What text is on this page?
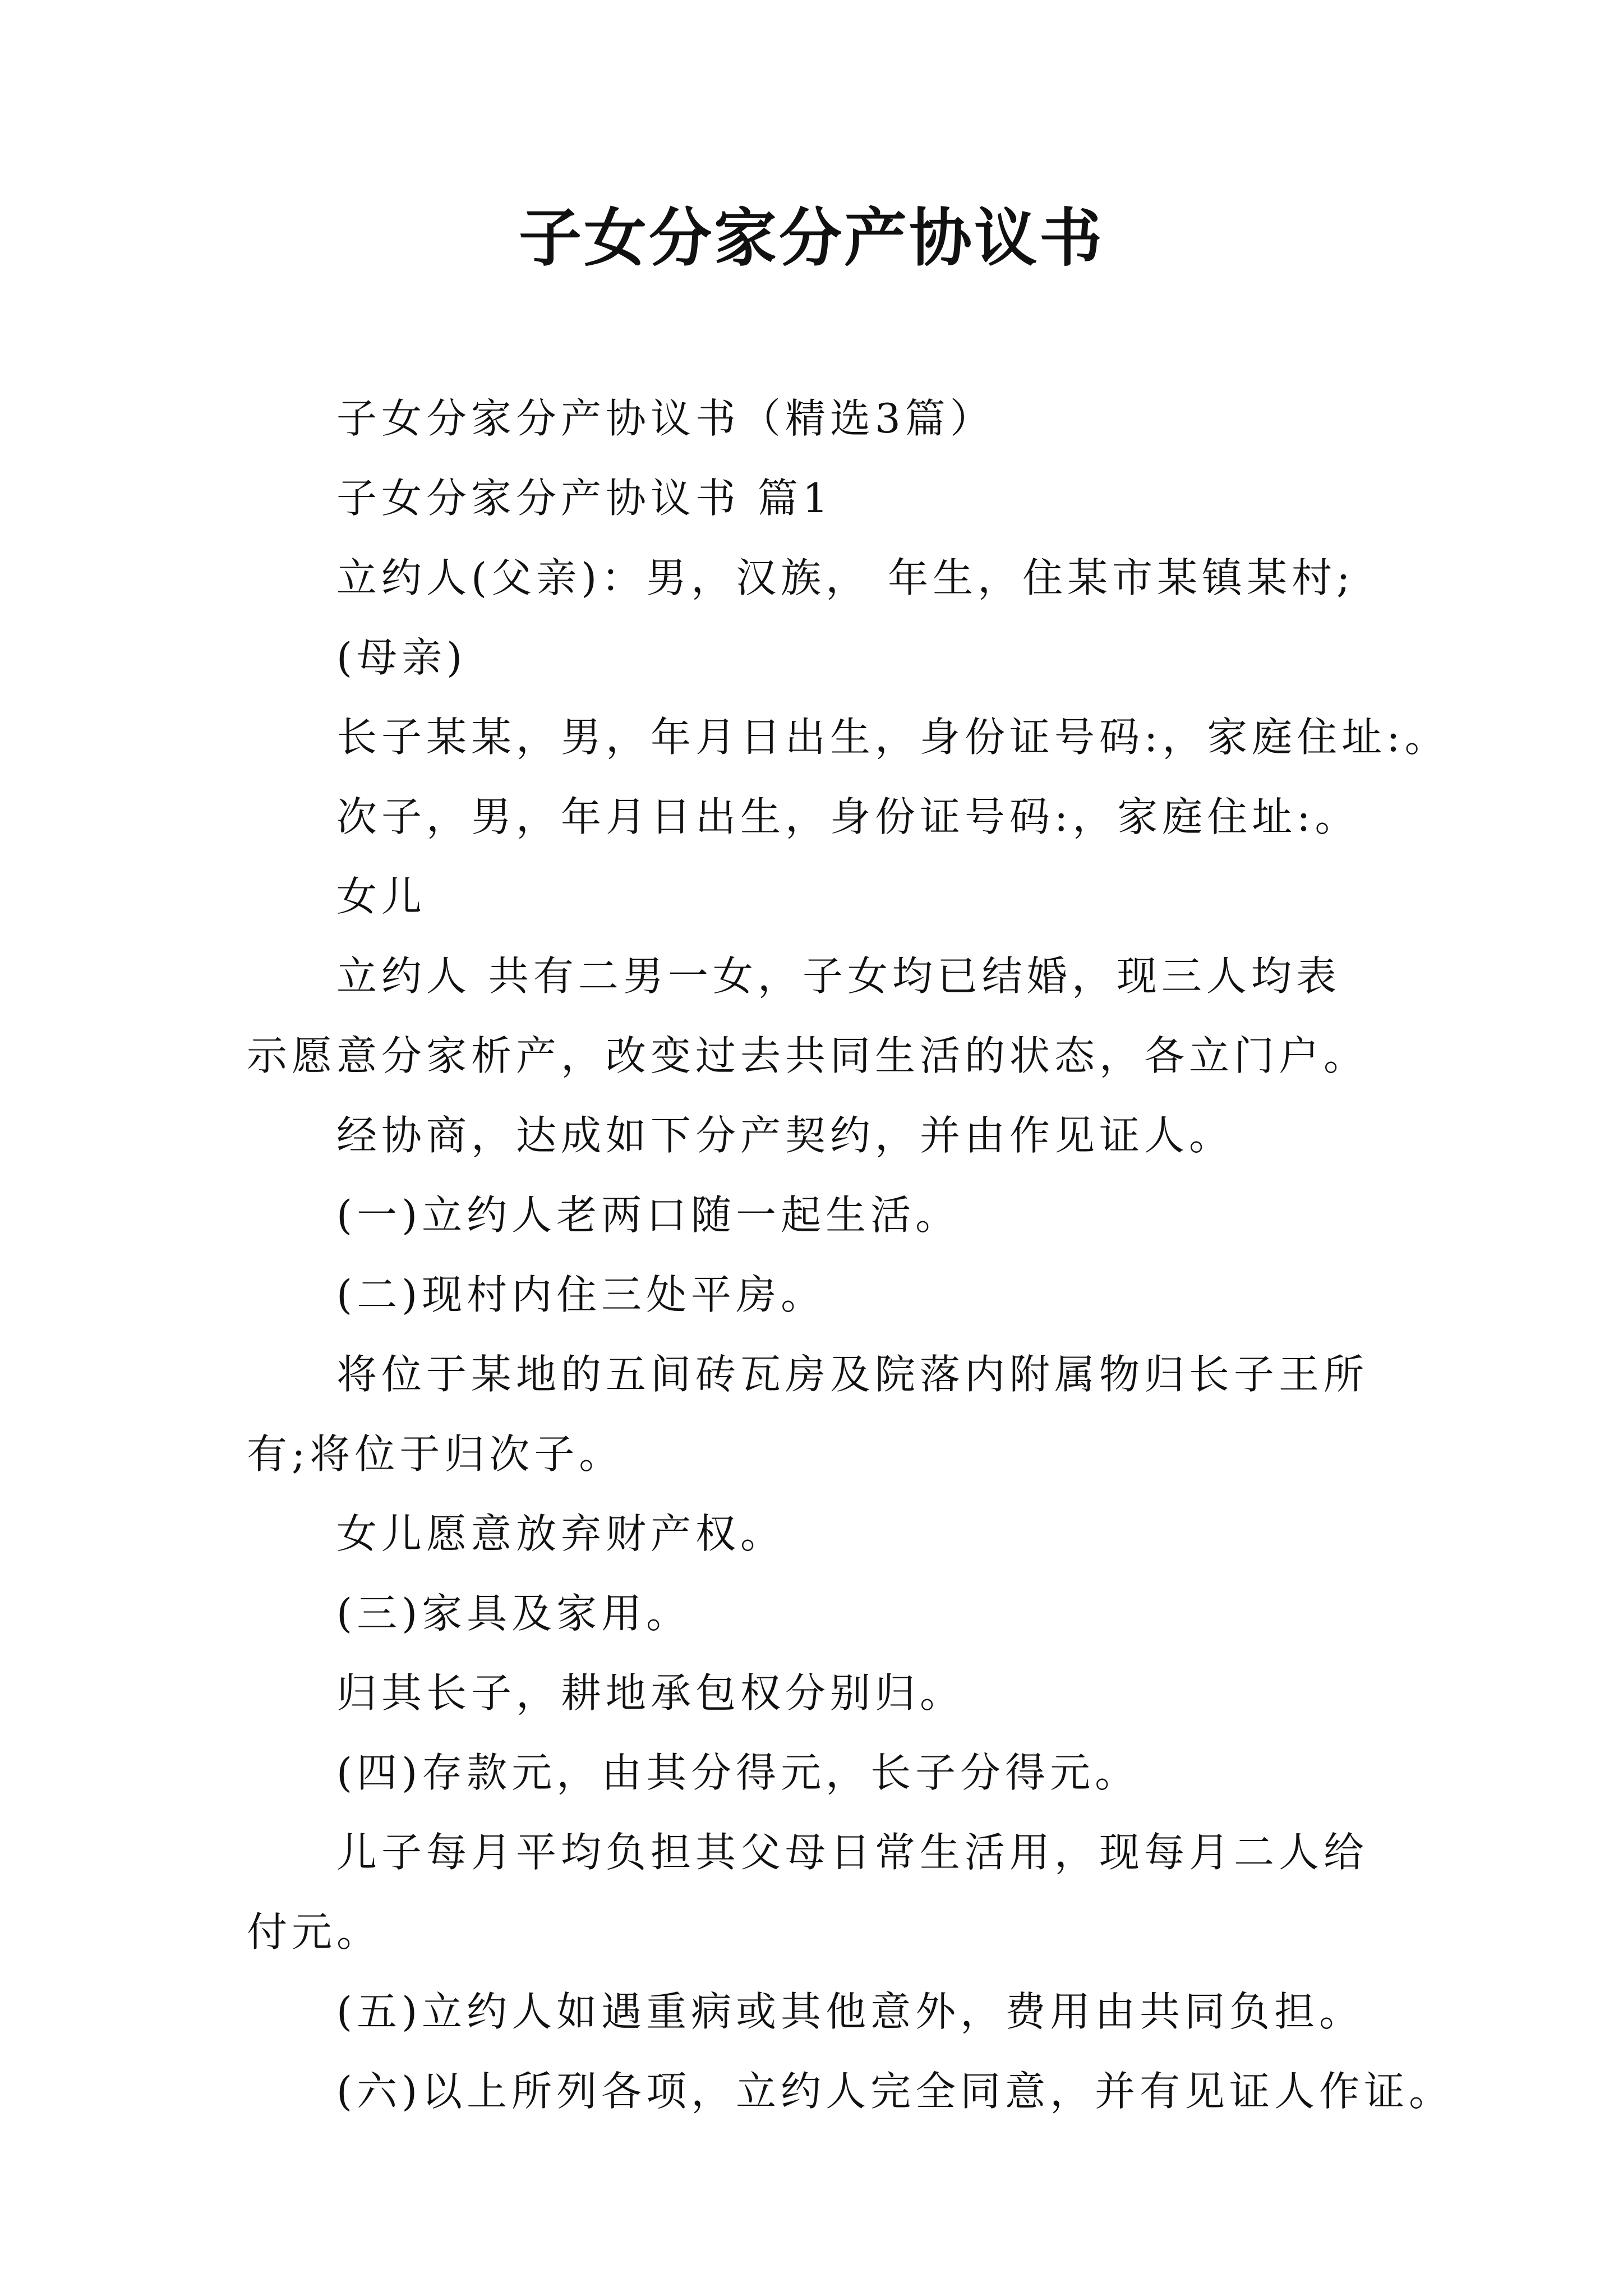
子女分家分产协议书

子女分家分产协议书（精选3篇）

子女分家分产协议书 篇1

立约人(父亲)：男，汉族， 年生，住某市某镇某村;

(母亲)

长子某某，男，年月日出生，身份证号码:，家庭住址:。

次子，男，年月日出生，身份证号码:，家庭住址:。

女儿

立约人 共有二男一女，子女均已结婚，现三人均表示愿意分家析产，改变过去共同生活的状态，各立门户。

经协商，达成如下分产契约，并由作见证人。

(一)立约人老两口随一起生活。

(二)现村内住三处平房。

将位于某地的五间砖瓦房及院落内附属物归长子王所有;将位于归次子。

女儿愿意放弃财产权。

(三)家具及家用。

归其长子，耕地承包权分别归。

(四)存款元，由其分得元，长子分得元。

儿子每月平均负担其父母日常生活用，现每月二人给付元。

(五)立约人如遇重病或其他意外，费用由共同负担。

(六)以上所列各项，立约人完全同意，并有见证人作证。
